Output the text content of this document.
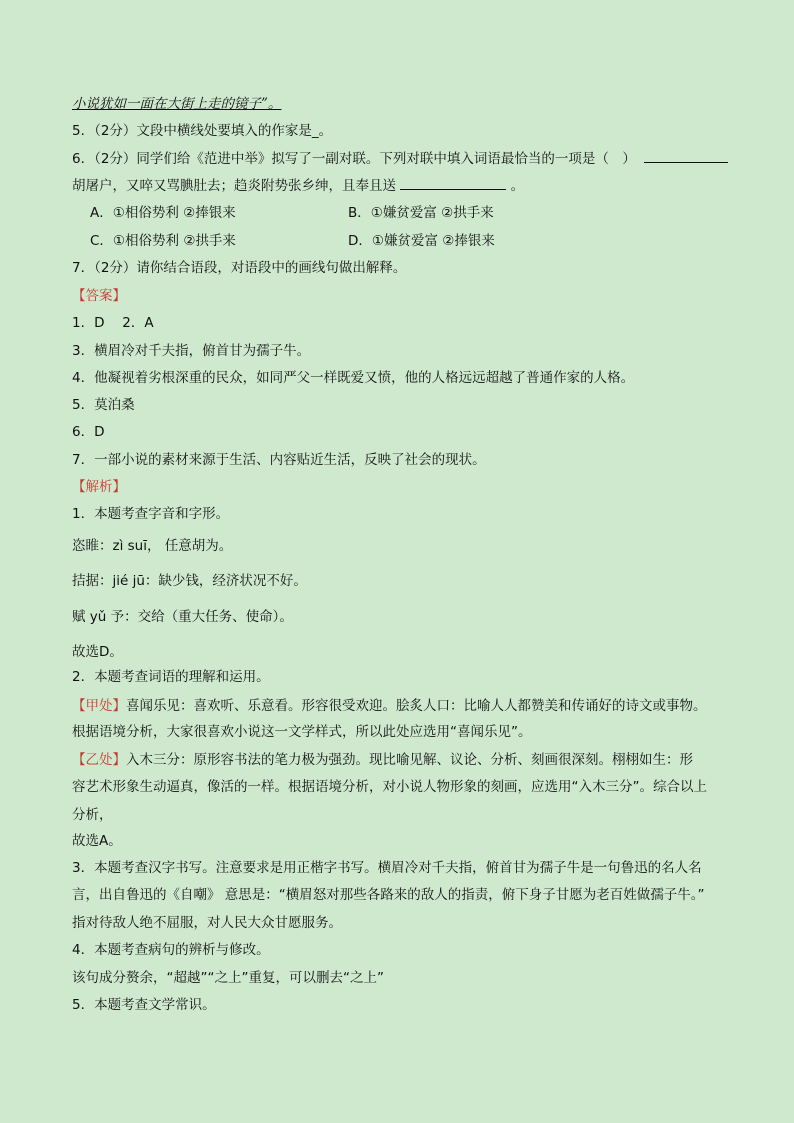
小说犹如一面在大街上走的镜子”。
5．（2分）文段中横线处要填入的作家是_。
6．（2分）同学们给《范进中举》拟写了一副对联。下列对联中填入词语最恰当的一项是（　）
胡屠户，又啐又骂腆肚去；趋炎附势张乡绅，且奉且送	。
A．①相俗势利 ②捧银来	B．①嫌贫爱富 ②拱手来
C．①相俗势利 ②拱手来	D．①嫌贫爱富 ②捧银来
7．（2分）请你结合语段，对语段中的画线句做出解释。
【答案】
1．D　 2．A
3．横眉冷对千夫指，俯首甘为孺子牛。
4．他凝视着劣根深重的民众，如同严父一样既爱又愤，他的人格远远超越了普通作家的人格。
5．莫泊桑
6．D
7．一部小说的素材来源于生活、内容贴近生活，反映了社会的现状。
【解析】
1．本题考查字音和字形。
恣睢：zì suī， 任意胡为。
拮据：jié jū：缺少钱，经济状况不好。
赋 yǔ 予：交给（重大任务、使命）。
故选D。
2．本题考查词语的理解和运用。
【甲处】喜闻乐见：喜欢听、乐意看。形容很受欢迎。脍炙人口：比喻人人都赞美和传诵好的诗文或事物。
根据语境分析，大家很喜欢小说这一文学样式，所以此处应选用“喜闻乐见”。
【乙处】入木三分：原形容书法的笔力极为强劲。现比喻见解、议论、分析、刻画很深刻。栩栩如生：形
容艺术形象生动逼真，像活的一样。根据语境分析，对小说人物形象的刻画，应选用“入木三分”。综合以上
分析，
故选A。
3．本题考查汉字书写。注意要求是用正楷字书写。横眉冷对千夫指，俯首甘为孺子牛是一句鲁迅的名人名
言，出自鲁迅的《自嘲》 意思是：“横眉怒对那些各路来的敌人的指责，俯下身子甘愿为老百姓做孺子牛。”
指对待敌人绝不屈服，对人民大众甘愿服务。
4．本题考查病句的辨析与修改。
该句成分赘余，“超越”“之上”重复，可以删去“之上”
5．本题考查文学常识。
